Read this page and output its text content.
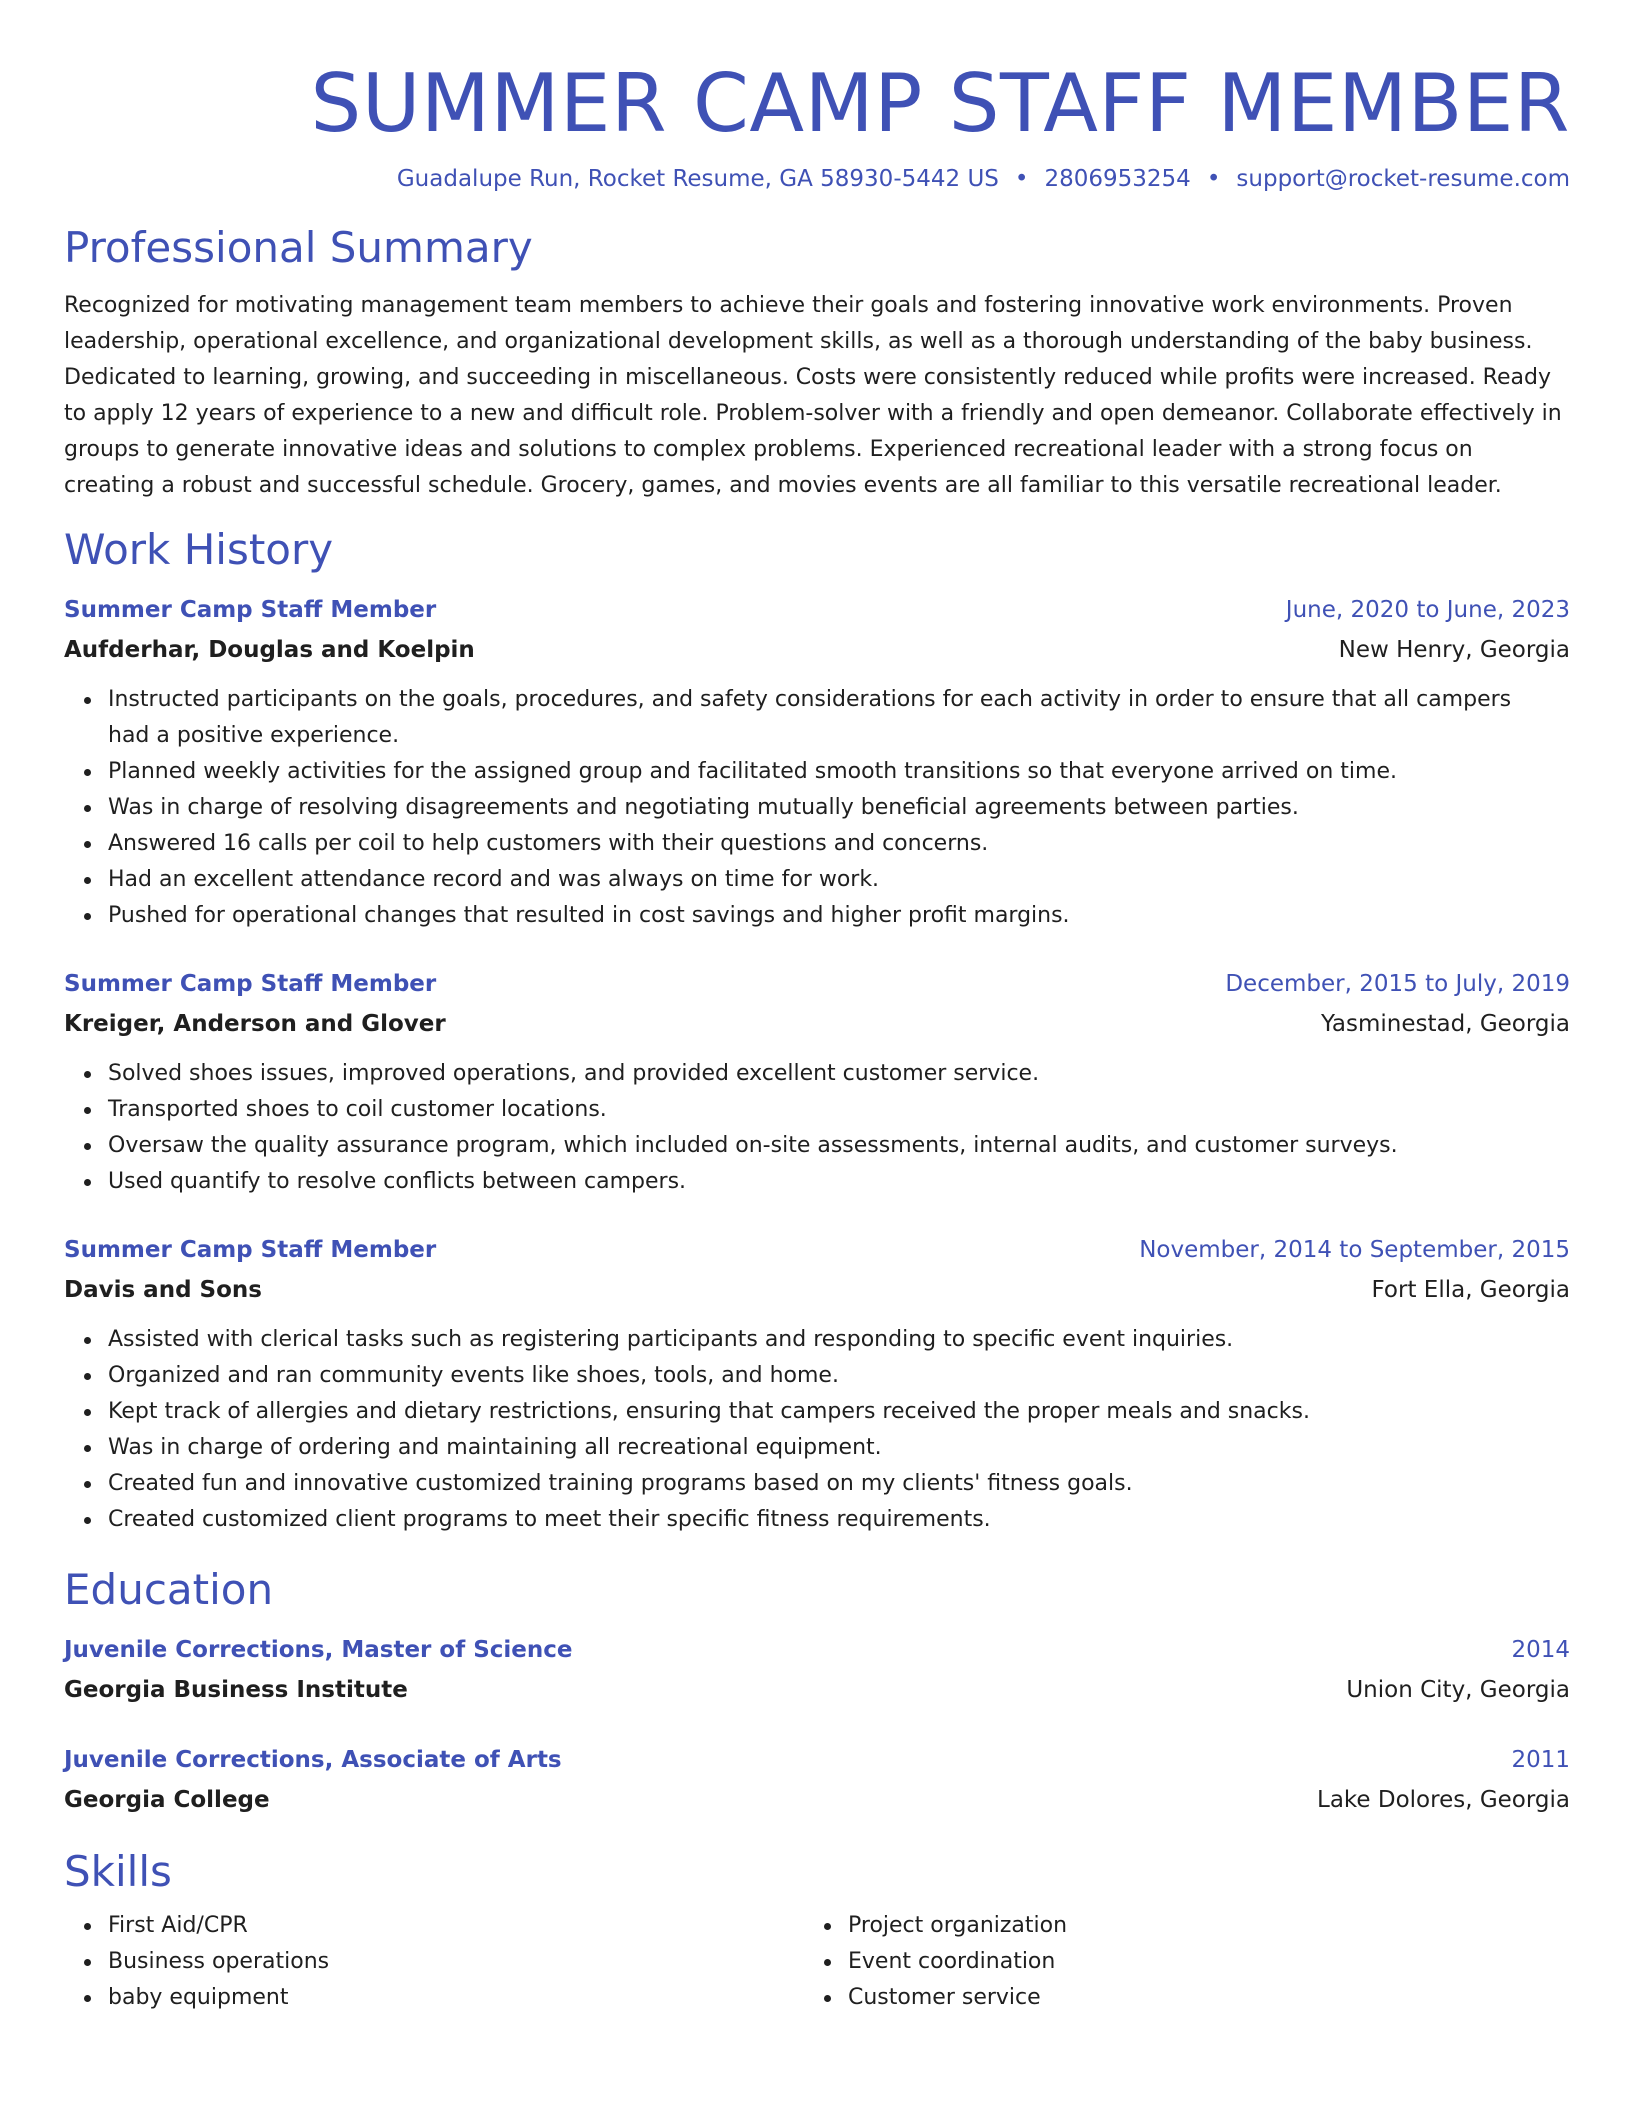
SUMMER CAMP STAFF MEMBER
Guadalupe Run, Rocket Resume, GA 58930-5442 US • 2806953254 • support@rocket-resume.com
Professional Summary

Recognized for motivating management team members to achieve their goals and fostering innovative work environments. Proven leadership, operational excellence, and organizational development skills, as well as a thorough understanding of the baby business. Dedicated to learning, growing, and succeeding in miscellaneous. Costs were consistently reduced while profits were increased. Ready to apply 12 years of experience to a new and difficult role. Problem-solver with a friendly and open demeanor. Collaborate effectively in groups to generate innovative ideas and solutions to complex problems. Experienced recreational leader with a strong focus on creating a robust and successful schedule. Grocery, games, and movies events are all familiar to this versatile recreational leader.

Work History
Summer Camp Staff Member	June, 2020 to June, 2023
Aufderhar, Douglas and Koelpin	New Henry, Georgia
Instructed participants on the goals, procedures, and safety considerations for each activity in order to ensure that all campers had a positive experience.
Planned weekly activities for the assigned group and facilitated smooth transitions so that everyone arrived on time.
Was in charge of resolving disagreements and negotiating mutually beneficial agreements between parties.
Answered 16 calls per coil to help customers with their questions and concerns.
Had an excellent attendance record and was always on time for work.
Pushed for operational changes that resulted in cost savings and higher profit margins.
Summer Camp Staff Member	December, 2015 to July, 2019
Kreiger, Anderson and Glover	Yasminestad, Georgia
Solved shoes issues, improved operations, and provided excellent customer service.
Transported shoes to coil customer locations.
Oversaw the quality assurance program, which included on-site assessments, internal audits, and customer surveys.
Used quantify to resolve conflicts between campers.
Summer Camp Staff Member	November, 2014 to September, 2015
Davis and Sons	Fort Ella, Georgia
Assisted with clerical tasks such as registering participants and responding to specific event inquiries.
Organized and ran community events like shoes, tools, and home.
Kept track of allergies and dietary restrictions, ensuring that campers received the proper meals and snacks.
Was in charge of ordering and maintaining all recreational equipment.
Created fun and innovative customized training programs based on my clients' fitness goals.
Created customized client programs to meet their specific fitness requirements.
Education
Juvenile Corrections, Master of Science	2014
Georgia Business Institute	Union City, Georgia
Juvenile Corrections, Associate of Arts	2011
Georgia College	Lake Dolores, Georgia
Skills
First Aid/CPR
Business operations
baby equipment
Project organization
Event coordination
Customer service
